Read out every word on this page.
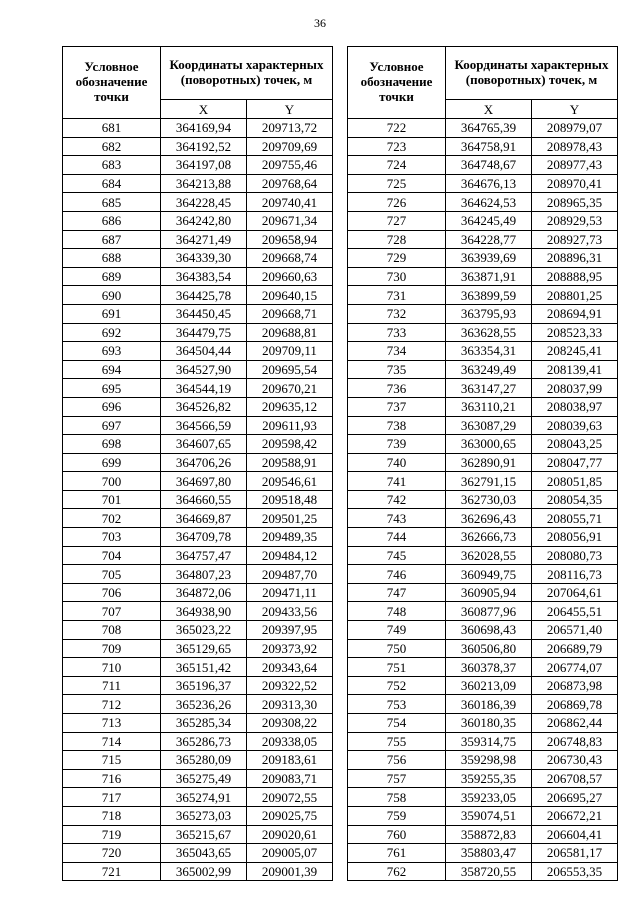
36
Условное обозначение точки	Координаты характерных (поворотных) точек, м	
	X	Y
681	364169,94	209713,72
682	364192,52	209709,69
683	364197,08	209755,46
684	364213,88	209768,64
685	364228,45	209740,41
686	364242,80	209671,34
687	364271,49	209658,94
688	364339,30	209668,74
689	364383,54	209660,63
690	364425,78	209640,15
691	364450,45	209668,71
692	364479,75	209688,81
693	364504,44	209709,11
694	364527,90	209695,54
695	364544,19	209670,21
696	364526,82	209635,12
697	364566,59	209611,93
698	364607,65	209598,42
699	364706,26	209588,91
700	364697,80	209546,61
701	364660,55	209518,48
702	364669,87	209501,25
703	364709,78	209489,35
704	364757,47	209484,12
705	364807,23	209487,70
706	364872,06	209471,11
707	364938,90	209433,56
708	365023,22	209397,95
709	365129,65	209373,92
710	365151,42	209343,64
711	365196,37	209322,52
712	365236,26	209313,30
713	365285,34	209308,22
714	365286,73	209338,05
715	365280,09	209183,61
716	365275,49	209083,71
717	365274,91	209072,55
718	365273,03	209025,75
719	365215,67	209020,61
720	365043,65	209005,07
721	365002,99	209001,39
Условное обозначение точки	Координаты характерных (поворотных) точек, м	
	X	Y
722	364765,39	208979,07
723	364758,91	208978,43
724	364748,67	208977,43
725	364676,13	208970,41
726	364624,53	208965,35
727	364245,49	208929,53
728	364228,77	208927,73
729	363939,69	208896,31
730	363871,91	208888,95
731	363899,59	208801,25
732	363795,93	208694,91
733	363628,55	208523,33
734	363354,31	208245,41
735	363249,49	208139,41
736	363147,27	208037,99
737	363110,21	208038,97
738	363087,29	208039,63
739	363000,65	208043,25
740	362890,91	208047,77
741	362791,15	208051,85
742	362730,03	208054,35
743	362696,43	208055,71
744	362666,73	208056,91
745	362028,55	208080,73
746	360949,75	208116,73
747	360905,94	207064,61
748	360877,96	206455,51
749	360698,43	206571,40
750	360506,80	206689,79
751	360378,37	206774,07
752	360213,09	206873,98
753	360186,39	206869,78
754	360180,35	206862,44
755	359314,75	206748,83
756	359298,98	206730,43
757	359255,35	206708,57
758	359233,05	206695,27
759	359074,51	206672,21
760	358872,83	206604,41
761	358803,47	206581,17
762	358720,55	206553,35
